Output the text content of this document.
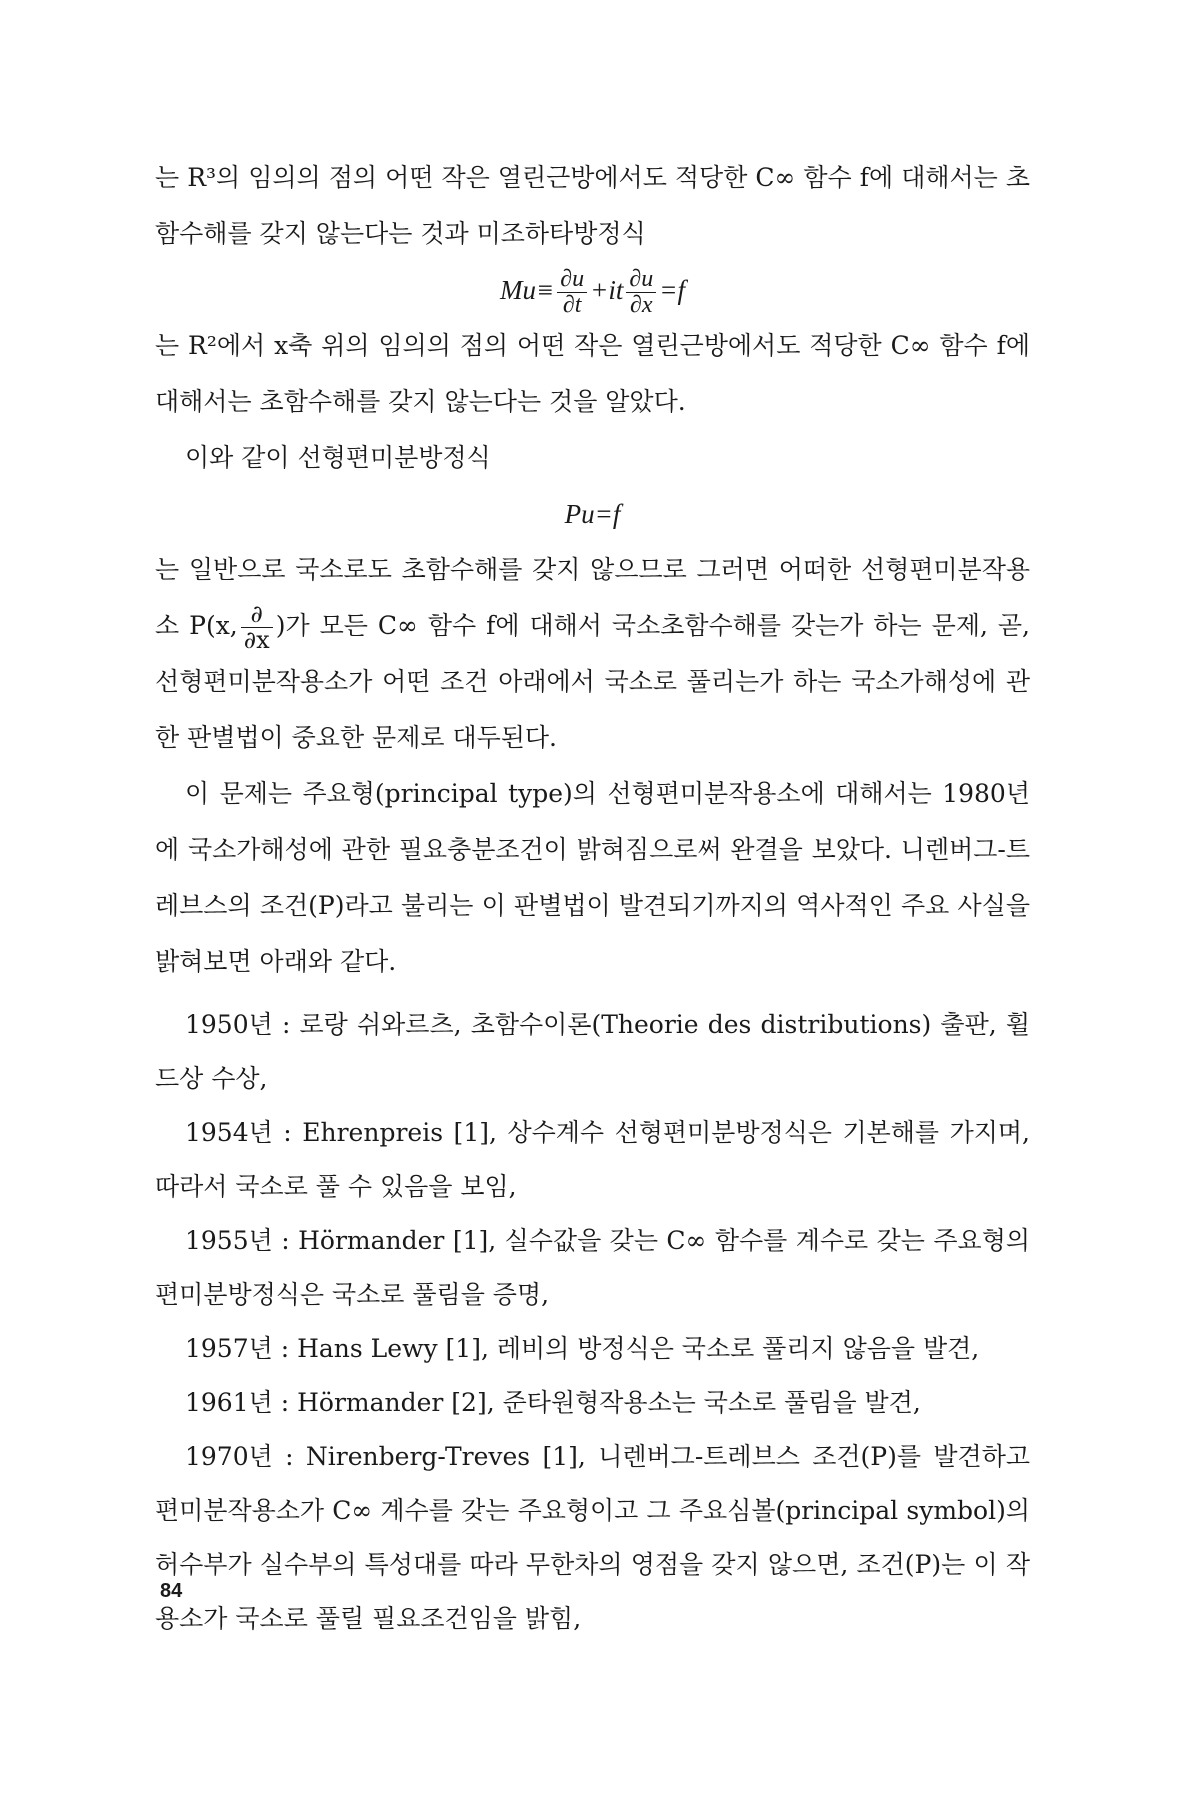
는 R³의 임의의 점의 어떤 작은 열린근방에서도 적당한 C∞ 함수 f에 대해서는 초함수해를 갖지 않는다는 것과 미조하타방정식

$Mu\equiv \frac{\partial u}{\partial t} +it \frac{\partial u}{\partial x} =f$

는 R²에서 x축 위의 임의의 점의 어떤 작은 열린근방에서도 적당한 C∞ 함수 f에 대해서는 초함수해를 갖지 않는다는 것을 알았다.

이와 같이 선형편미분방정식

Pu=f

는 일반으로 국소로도 초함수해를 갖지 않으므로 그러면 어떠한 선형편미분작용소 P(x, $\frac{\partial}{\partial x}$ )가 모든 C∞ 함수 f에 대해서 국소초함수해를 갖는가 하는 문제, 곧, 선형편미분작용소가 어떤 조건 아래에서 국소로 풀리는가 하는 국소가해성에 관한 판별법이 중요한 문제로 대두된다.

이 문제는 주요형(principal type)의 선형편미분작용소에 대해서는 1980년에 국소가해성에 관한 필요충분조건이 밝혀짐으로써 완결을 보았다. 니렌버그-트레브스의 조건(P)라고 불리는 이 판별법이 발견되기까지의 역사적인 주요 사실을 밝혀보면 아래와 같다.

1950년 : 로랑 쉬와르츠, 초함수이론(Theorie des distributions) 출판, 휠드상 수상,

1954년 : Ehrenpreis [1], 상수계수 선형편미분방정식은 기본해를 가지며, 따라서 국소로 풀 수 있음을 보임,

1955년 : Hörmander [1], 실수값을 갖는 C∞ 함수를 계수로 갖는 주요형의 편미분방정식은 국소로 풀림을 증명,

1957년 : Hans Lewy [1], 레비의 방정식은 국소로 풀리지 않음을 발견,

1961년 : Hörmander [2], 준타원형작용소는 국소로 풀림을 발견,

1970년 : Nirenberg-Treves [1], 니렌버그-트레브스 조건(P)를 발견하고 편미분작용소가 C∞ 계수를 갖는 주요형이고 그 주요심볼(principal symbol)의 허수부가 실수부의 특성대를 따라 무한차의 영점을 갖지 않으면, 조건(P)는 이 작용소가 국소로 풀릴 필요조건임을 밝힘,

84
